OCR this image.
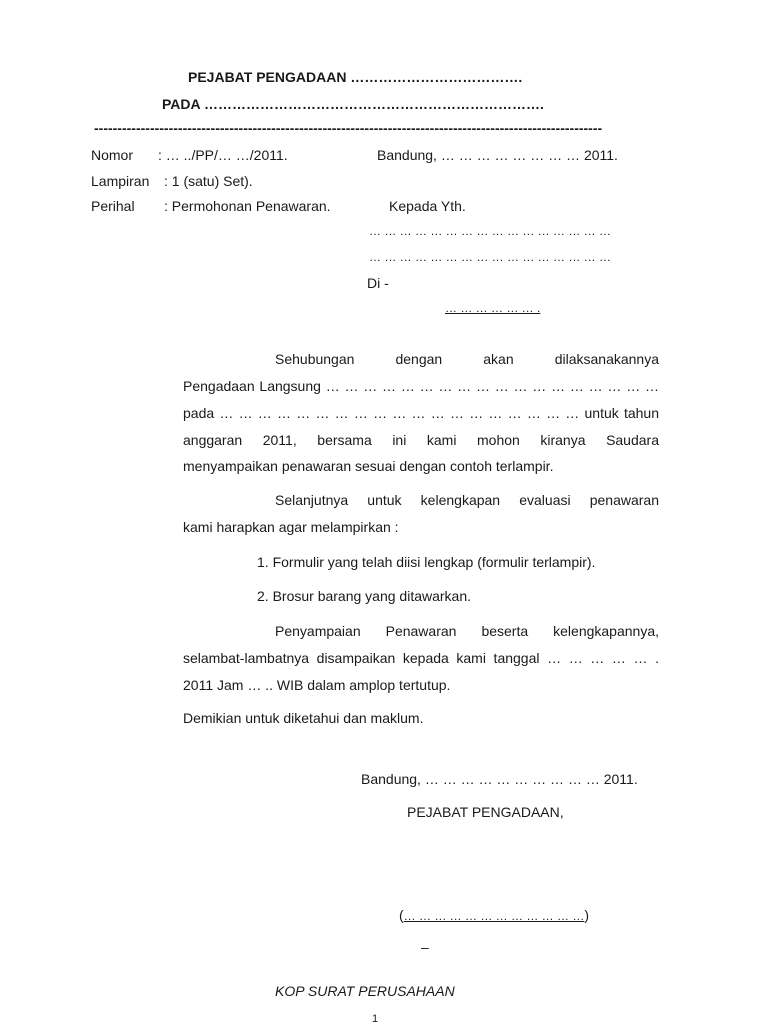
PEJABAT PENGADAAN ……………………………….
PADA ……………………………………………………………….
-------------------------------------------------------------------------------------------------------------
Nomor : … ../PP/… …/2011.	Bandung, … … … … … … … … 2011.
Lampiran : 1 (satu) Set).
Perihal : Permohonan Penawaran.	Kepada Yth.
… … … … … … … … … … … … … … … …
… … … … … … … … … … … … … … … …
Di -
… … … … … … .
Sehubungan dengan akan dilaksanakannya
Pengadaan Langsung … … … … … … … … … … … … … … … … … …
pada … … … … … … … … … … … … … … … … … … … untuk tahun
anggaran 2011, bersama ini kami mohon kiranya Saudara
menyampaikan penawaran sesuai dengan contoh terlampir.
Selanjutnya untuk kelengkapan evaluasi penawaran
kami harapkan agar melampirkan :
1. Formulir yang telah diisi lengkap (formulir terlampir).
2. Brosur barang yang ditawarkan.
Penyampaian Penawaran beserta kelengkapannya,
selambat-lambatnya disampaikan kepada kami tanggal … … … … … .
2011 Jam … .. WIB dalam amplop tertutup.
Demikian untuk diketahui dan maklum.
Bandung, … … … … … … … … … … 2011.
PEJABAT PENGADAAN,
(… … … … … … … … … … … …)
–
KOP SURAT PERUSAHAAN
1
